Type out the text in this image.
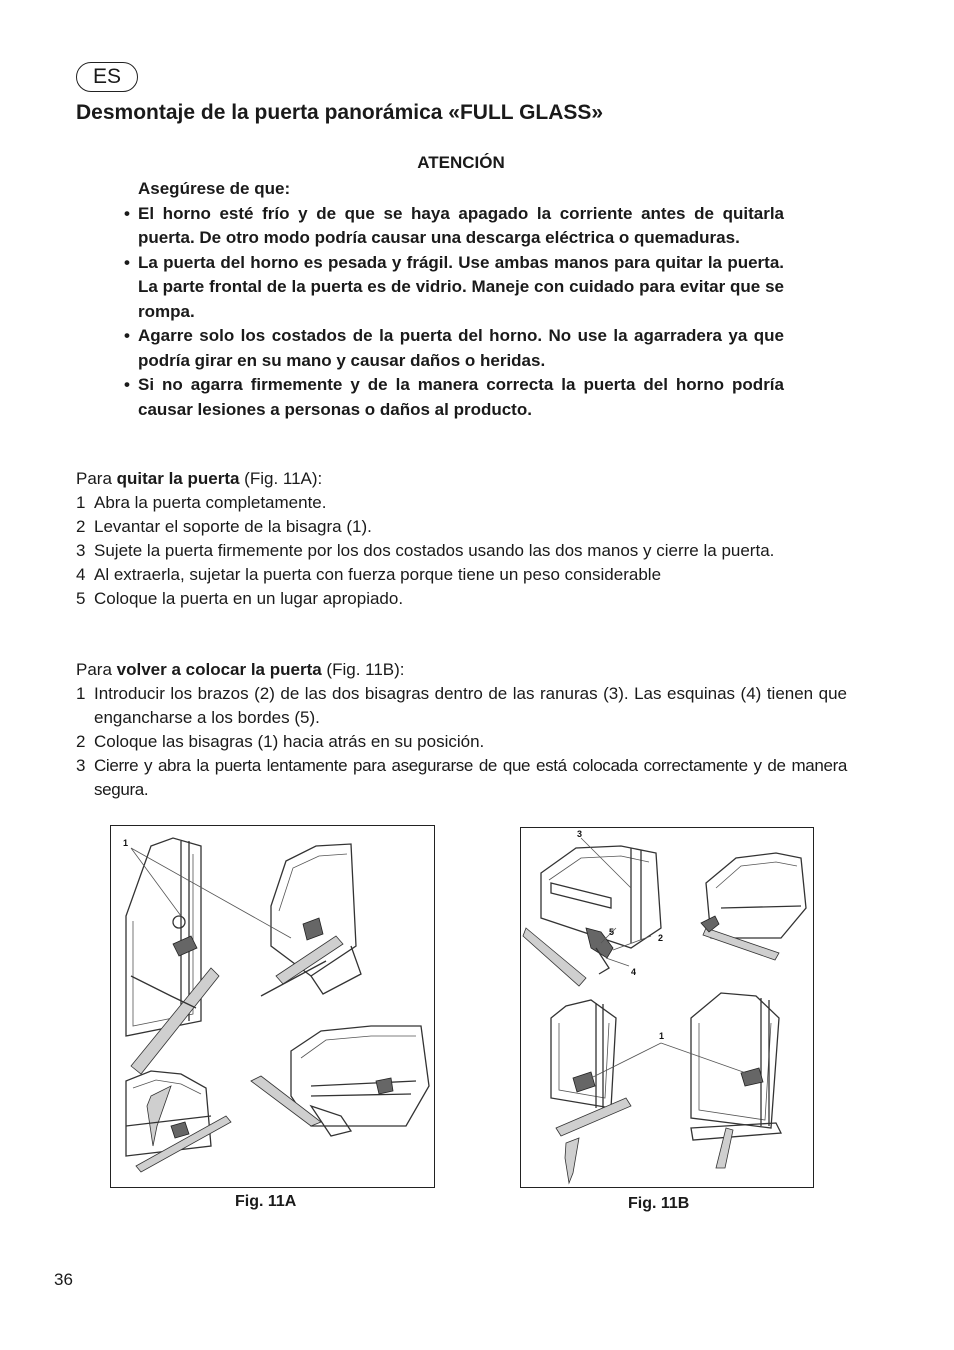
ES
Desmontaje de la puerta panorámica «FULL GLASS»
ATENCIÓN
Asegúrese de que:
• El horno esté frío y de que se haya apagado la corriente antes de quitarla puerta. De otro modo podría causar una descarga eléctrica o quemaduras.
• La puerta del horno es pesada y frágil. Use ambas manos para quitar la puerta. La parte frontal de la puerta es de vidrio. Maneje con cuidado para evitar que se rompa.
• Agarre solo los costados de la puerta del horno. No use la agarradera ya que podría girar en su mano y causar daños o heridas.
• Si no agarra firmemente y de la manera correcta la puerta del horno podría causar lesiones a personas o daños al producto.
Para quitar la puerta (Fig. 11A):
1 Abra la puerta completamente.
2 Levantar el soporte de la bisagra (1).
3 Sujete la puerta firmemente por los dos costados usando las dos manos y cierre la puerta.
4 Al extraerla, sujetar la puerta con fuerza porque tiene un peso considerable
5 Coloque la puerta en un lugar apropiado.
Para volver a colocar la puerta (Fig. 11B):
1 Introducir los brazos (2) de las dos bisagras dentro de las ranuras (3). Las esquinas (4) tienen que engancharse a los bordes (5).
2 Coloque las bisagras (1) hacia atrás en su posición.
3 Cierre y abra la puerta lentamente para asegurarse de que está colocada correctamente y de manera segura.
1
Fig. 11A
3
5
2
4
1
Fig. 11B
36
